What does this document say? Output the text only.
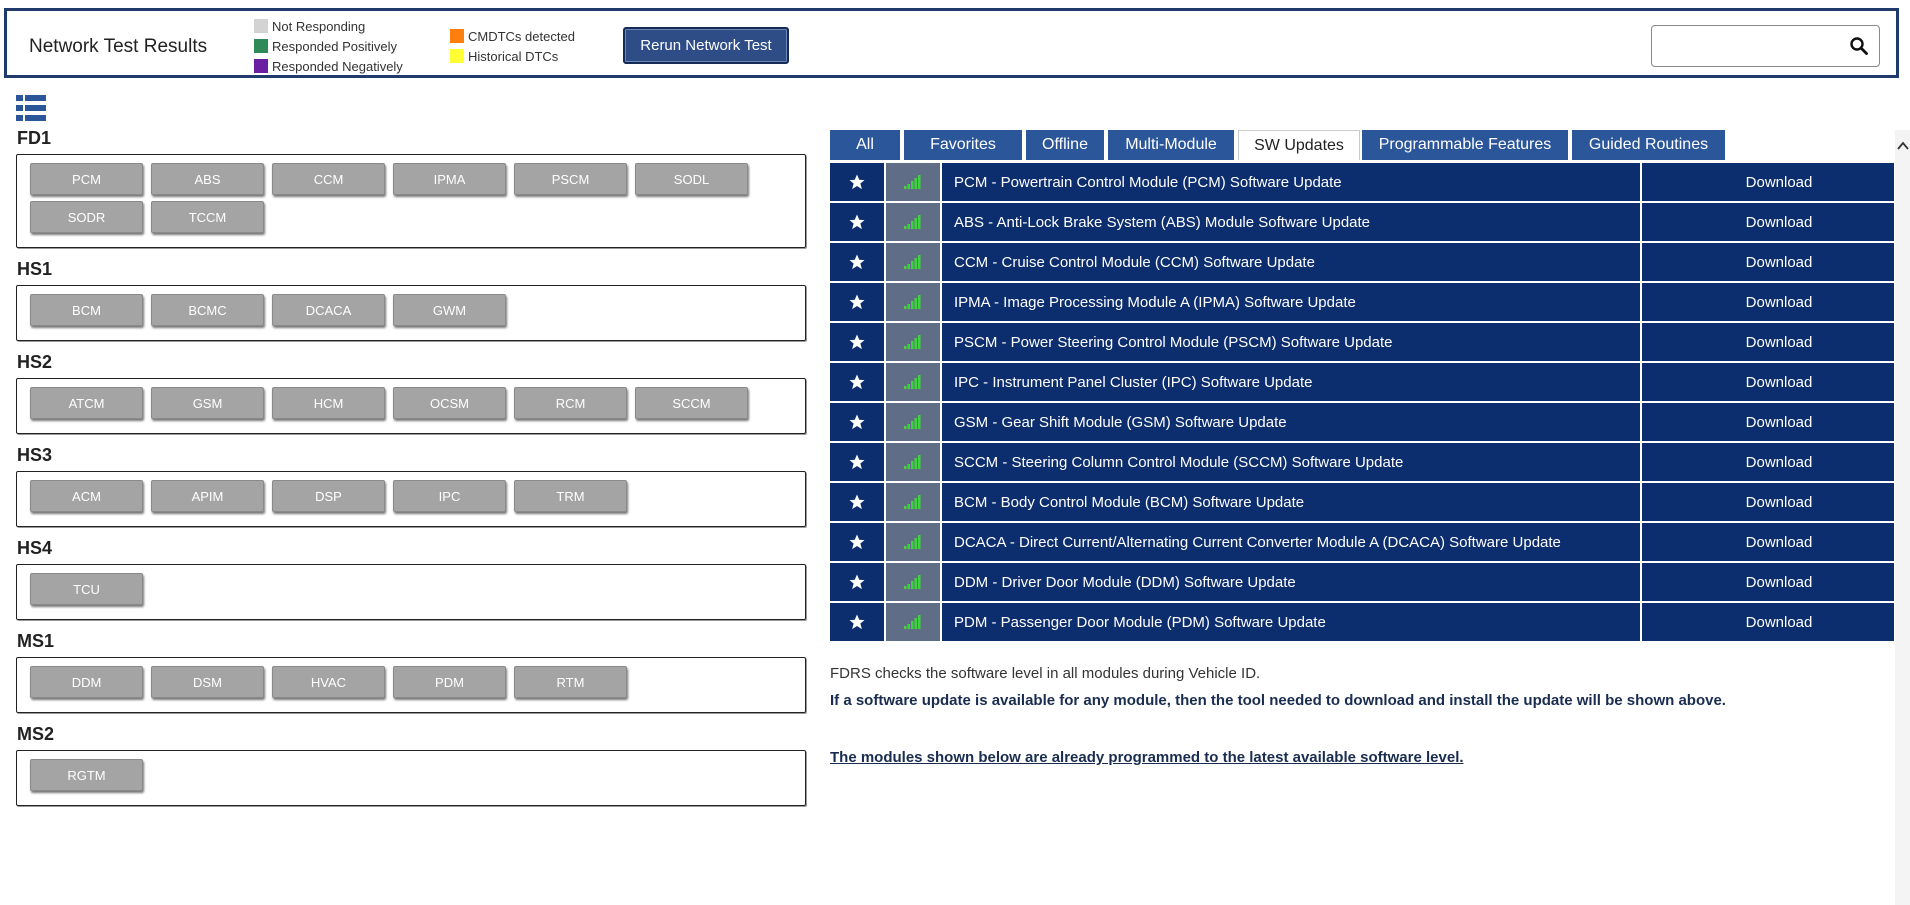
Network Test Results
Not Responding
Responded Positively
Responded Negatively
CMDTCs detected
Historical DTCs
Rerun Network Test
FD1
PCM	ABS	CCM	IPMA	PSCM	SODL
SODR	TCCM
HS1
BCM	BCMC	DCACA	GWM
HS2
ATCM	GSM	HCM	OCSM	RCM	SCCM
HS3
ACM	APIM	DSP	IPC	TRM
HS4
TCU
MS1
DDM	DSM	HVAC	PDM	RTM
MS2
RGTM
All	Favorites	Offline	Multi-Module	SW Updates	Programmable Features	Guided Routines
PCM - Powertrain Control Module (PCM) Software Update	Download
ABS - Anti-Lock Brake System (ABS) Module Software Update	Download
CCM - Cruise Control Module (CCM) Software Update	Download
IPMA - Image Processing Module A (IPMA) Software Update	Download
PSCM - Power Steering Control Module (PSCM) Software Update	Download
IPC - Instrument Panel Cluster (IPC) Software Update	Download
GSM - Gear Shift Module (GSM) Software Update	Download
SCCM - Steering Column Control Module (SCCM) Software Update	Download
BCM - Body Control Module (BCM) Software Update	Download
DCACA - Direct Current/Alternating Current Converter Module A (DCACA) Software Update	Download
DDM - Driver Door Module (DDM) Software Update	Download
PDM - Passenger Door Module (PDM) Software Update	Download
FDRS checks the software level in all modules during Vehicle ID.
If a software update is available for any module, then the tool needed to download and install the update will be shown above.
The modules shown below are already programmed to the latest available software level.
